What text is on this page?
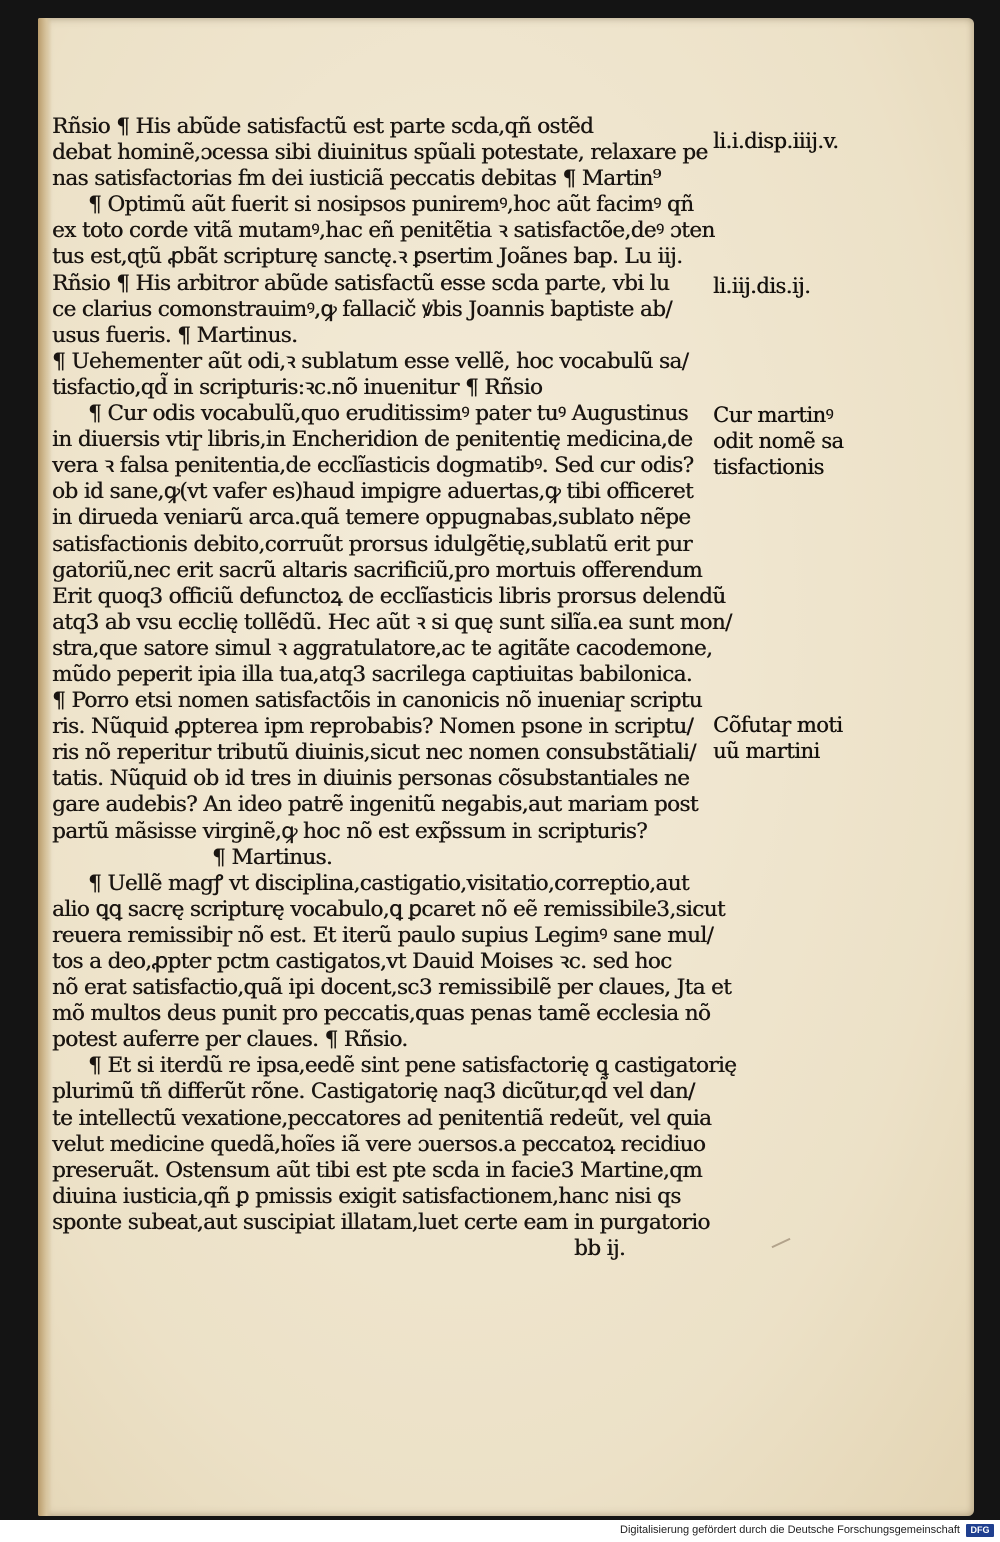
Rñsio ¶ His abũde satisfactũ est parte scda,qñ ostẽd
debat hominẽ,ɔcessa sibi diuinitus spũali potestate, relaxare pe
nas satisfactorias fm dei iusticiã peccatis debitas ¶ Martin⁹
¶ Optimũ aũt fuerit si nosipsos puniremꝰ,hoc aũt facimꝰ qñ
ex toto corde vitã mutamꝰ,hac eñ penitẽtia ꝛ satisfactõe,deꝰ ɔten
tus est,ɋtũ ꝓbãt scripturę sanctę.ꝛ ꝑsertim Joãnes bap. Lu iij.
Rñsio ¶ His arbitror abũde satisfactũ esse scda parte, vbi lu
ce clarius comonstrauimꝰ,ꝙ fallacič ꝟbis Joannis baptiste ab/
usus fueris. ¶ Martinus.
¶ Uehementer aũt odi,ꝛ sublatum esse vellẽ, hoc vocabulũ sa/
tisfactio,qd̃ in scripturis:ꝛc.nõ inuenitur ¶ Rñsio
¶ Cur odis vocabulũ,quo eruditissimꝰ pater tuꝰ Augustinus
in diuersis vtiɼ libris,in Encheridion de penitentię medicina,de
vera ꝛ falsa penitentia,de ecclĩasticis dogmatibꝰ. Sed cur odis?
ob id sane,ꝙ(vt vafer es)haud impigre aduertas,ꝙ tibi officeret
in dirueda veniarũ arca.quã temere oppugnabas,sublato nẽpe
satisfactionis debito,corruũt prorsus idulgẽtię,sublatũ erit pur
gatoriũ,nec erit sacrũ altaris sacrificiũ,pro mortuis offerendum
Erit quoq3 officiũ defunctoꝝ de ecclĩasticis libris prorsus delendũ
atq3 ab vsu ecclię tollẽdũ. Hec aũt ꝛ si quę sunt silĩa.ea sunt mon/
stra,que satore simul ꝛ aggratulatore,ac te agitãte cacodemone,
mũdo peperit ipia illa tua,atq3 sacrilega captiuitas babilonica.
¶ Porro etsi nomen satisfactõis in canonicis nõ inueniaɼ scriptu
ris. Nũquid ꝓpterea ipm reprobabis? Nomen psone in scriptu/
ris nõ reperitur tributũ diuinis,sicut nec nomen consubstãtiali/
tatis. Nũquid ob id tres in diuinis personas cõsubstantiales ne
gare audebis? An ideo patrẽ ingenitũ negabis,aut mariam post
partũ mãsisse virginẽ,ꝙ hoc nõ est exp̃ssum in scripturis?
¶ Martinus.
¶ Uellẽ magꝭ vt disciplina,castigatio,visitatio,correptio,aut
alio ꝗꝗ sacrę scripturę vocabulo,ꝗ ꝑcaret nõ eẽ remissibile3,sicut
reuera remissibiɼ nõ est. Et iterũ paulo supius Legimꝰ sane mul/
tos a deo,ꝓpter pctm castigatos,vt Dauid Moises ꝛc. sed hoc
nõ erat satisfactio,quã ipi docent,sc3 remissibilẽ per claues, Jta et
mõ multos deus punit pro peccatis,quas penas tamẽ ecclesia nõ
potest auferre per claues. ¶ Rñsio.
¶ Et si iterdũ re ipsa,eedẽ sint pene satisfactorię ꝗ castigatorię
plurimũ tñ differũt rõne. Castigatorię naq3 dicũtur,qd̃ vel dan/
te intellectũ vexatione,peccatores ad penitentiã redeũt, vel quia
velut medicine quedã,hoĩes iã vere ɔuersos.a peccatoꝝ recidiuo
preseruãt. Ostensum aũt tibi est pte scda in facie3 Martine,qm
diuina iusticia,qñ ꝑ pmissis exigit satisfactionem,hanc nisi qs
sponte subeat,aut suscipiat illatam,luet certe eam in purgatorio
bb ij.
li.i.disp.iiij.v.
li.iij.dis.ij.
Cur martinꝰ
odit nomẽ sa
tisfactionis
Cõfutaɼ moti
uũ martini
Digitalisierung gefördert durch die Deutsche Forschungsgemeinschaft	DFG
